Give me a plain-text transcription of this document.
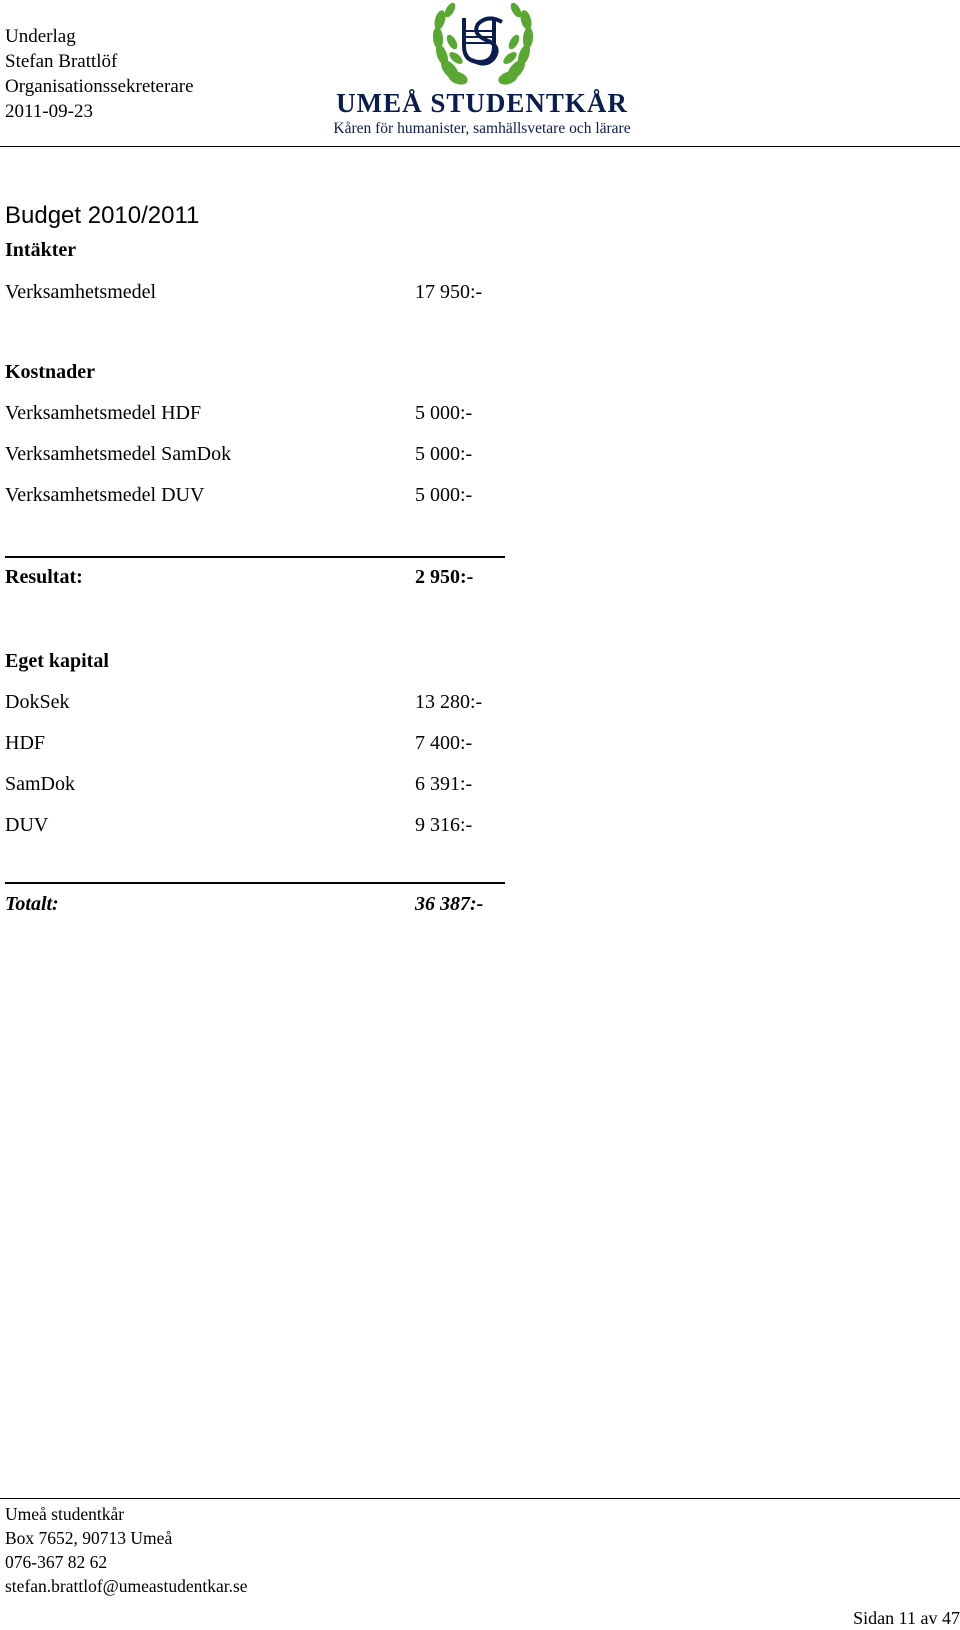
Underlag
Stefan Brattlöf
Organisationssekreterare
2011-09-23	UMEÅ STUDENTKÅR
Kåren för humanister, samhällsvetare och lärare
Budget 2010/2011
Intäkter
Verksamhetsmedel	17 950:-
Kostnader
Verksamhetsmedel HDF	5 000:-
Verksamhetsmedel SamDok	5 000:-
Verksamhetsmedel DUV	5 000:-
Resultat:	2 950:-
Eget kapital
DokSek	13 280:-
HDF	7 400:-
SamDok	6 391:-
DUV	9 316:-
Totalt:	36 387:-
Umeå studentkår
Box 7652, 90713 Umeå
076-367 82 62
stefan.brattlof@umeastudentkar.se
Sidan 11 av 47
